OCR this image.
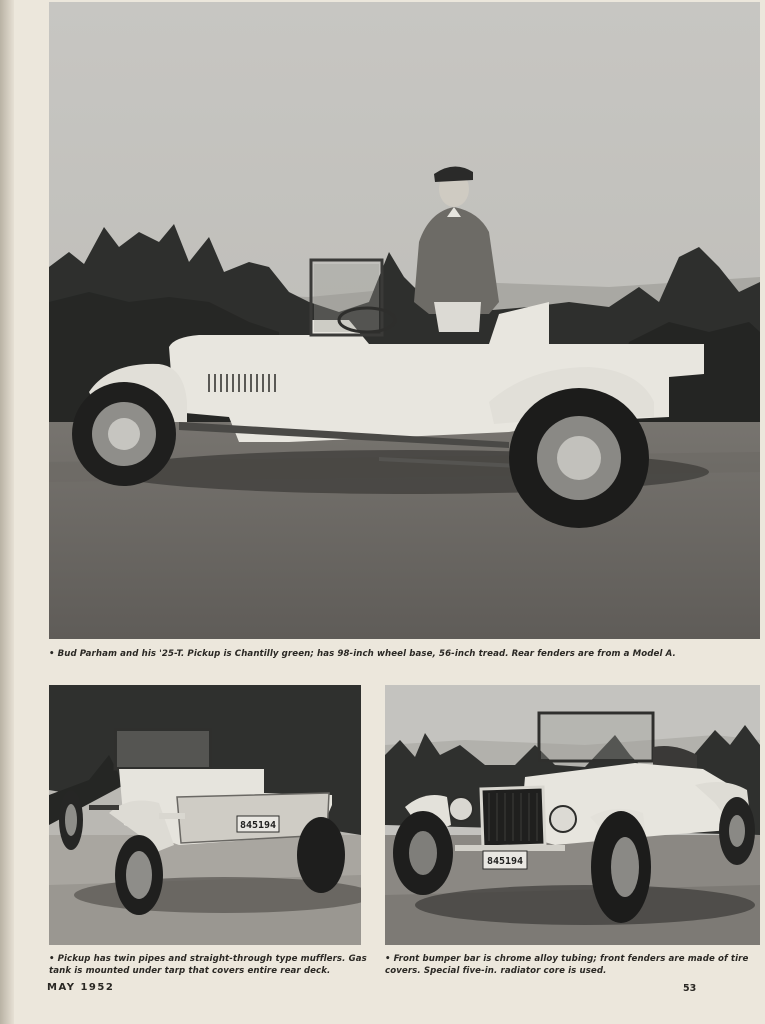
• Bud Parham and his '25-T. Pickup is Chantilly green; has 98-inch wheel base, 56-inch tread. Rear fenders are from a Model A.

845194
845194

• Pickup has twin pipes and straight-through type mufflers. Gas tank is mounted under tarp that covers entire rear deck.

• Front bumper bar is chrome alloy tubing; front fenders are made of tire covers. Special five-in. radiator core is used.

MAY 1952	53
